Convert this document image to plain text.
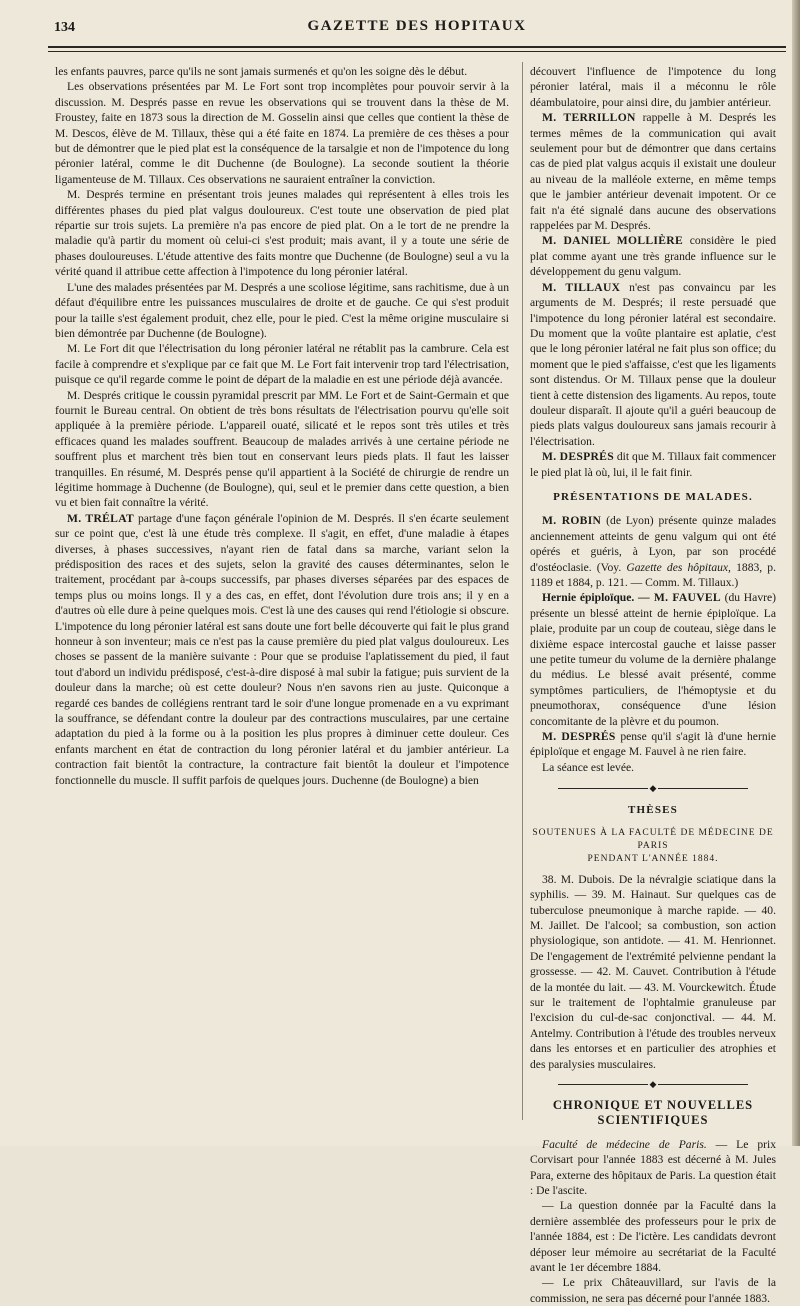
134	GAZETTE DES HOPITAUX

les enfants pauvres, parce qu'ils ne sont jamais surmenés et qu'on les soigne dès le début.

Les observations présentées par M. Le Fort sont trop incomplètes pour pouvoir servir à la discussion. M. Després passe en revue les observations qui se trouvent dans la thèse de M. Froustey, faite en 1873 sous la direction de M. Gosselin ainsi que celles que contient la thèse de M. Descos, élève de M. Tillaux, thèse qui a été faite en 1874. La première de ces thèses a pour but de démontrer que le pied plat est la conséquence de la tarsalgie et non de l'impotence du long péronier latéral, comme le dit Duchenne (de Boulogne). La seconde soutient la théorie ligamenteuse de M. Tillaux. Ces observations ne sauraient entraîner la conviction.

M. Després termine en présentant trois jeunes malades qui représentent à elles trois les différentes phases du pied plat valgus douloureux. C'est toute une observation de pied plat répartie sur trois sujets. La première n'a pas encore de pied plat. On a le tort de ne prendre la maladie qu'à partir du moment où celui-ci s'est produit; mais avant, il y a toute une série de phases douloureuses. L'étude attentive des faits montre que Duchenne (de Boulogne) seul a vu la vérité quand il attribue cette affection à l'impotence du long péronier latéral.

L'une des malades présentées par M. Després a une scoliose légitime, sans rachitisme, due à un défaut d'équilibre entre les puissances musculaires de droite et de gauche. Ce qui s'est produit pour la taille s'est également produit, chez elle, pour le pied. C'est la même origine musculaire si bien démontrée par Duchenne (de Boulogne).

M. Le Fort dit que l'électrisation du long péronier latéral ne rétablit pas la cambrure. Cela est facile à comprendre et s'explique par ce fait que M. Le Fort fait intervenir trop tard l'électrisation, puisque ce qu'il regarde comme le point de départ de la maladie en est une période déjà avancée.

M. Després critique le coussin pyramidal prescrit par MM. Le Fort et de Saint-Germain et que fournit le Bureau central. On obtient de très bons résultats de l'électrisation pourvu qu'elle soit appliquée à la première période. L'appareil ouaté, silicaté et le repos sont très utiles et très efficaces quand les malades souffrent. Beaucoup de malades arrivés à une certaine période ne souffrent plus et marchent très bien tout en conservant leurs pieds plats. Il faut les laisser tranquilles. En résumé, M. Després pense qu'il appartient à la Société de chirurgie de rendre un légitime hommage à Duchenne (de Boulogne), qui, seul et le premier dans cette question, a bien vu et bien fait connaître la vérité.

M. TRÉLAT partage d'une façon générale l'opinion de M. Després. Il s'en écarte seulement sur ce point que, c'est là une étude très complexe. Il s'agit, en effet, d'une maladie à étapes diverses, à phases successives, n'ayant rien de fatal dans sa marche, variant selon la prédisposition des races et des sujets, selon la gravité des causes déterminantes, selon le traitement, procédant par à-coups successifs, par phases diverses séparées par des espaces de temps plus ou moins longs. Il y a des cas, en effet, dont l'évolution dure trois ans; il y en a d'autres où elle dure à peine quelques mois. C'est là une des causes qui rend l'étiologie si obscure. L'impotence du long péronier latéral est sans doute une fort belle découverte qui fait le plus grand honneur à son inventeur; mais ce n'est pas la cause première du pied plat valgus douloureux. Les choses se passent de la manière suivante : Pour que se produise l'aplatissement du pied, il faut tout d'abord un individu prédisposé, c'est-à-dire disposé à mal subir la fatigue; puis survient de la douleur dans la marche; où est cette douleur? Nous n'en savons rien au juste. Quiconque a regardé ces bandes de collégiens rentrant tard le soir d'une longue promenade en a vu exprimant la souffrance, se défendant contre la douleur par des contractions musculaires, par une certaine adaptation du pied à la forme ou à la position les plus propres à diminuer cette douleur. Ces enfants marchent en état de contraction du long péronier latéral et du jambier antérieur. La contraction fait bientôt la contracture, la contracture fait bientôt la douleur et l'impotence fonctionnelle du muscle. Il suffit parfois de quelques jours. Duchenne (de Boulogne) a bien

découvert l'influence de l'impotence du long péronier latéral, mais il a méconnu le rôle déambulatoire, pour ainsi dire, du jambier antérieur.

M. TERRILLON rappelle à M. Després les termes mêmes de la communication qui avait seulement pour but de démontrer que dans certains cas de pied plat valgus acquis il existait une douleur au niveau de la malléole externe, en même temps que le jambier antérieur devenait impotent. Or ce fait n'a été signalé dans aucune des observations rappelées par M. Després.

M. DANIEL MOLLIÈRE considère le pied plat comme ayant une très grande influence sur le développement du genu valgum.

M. TILLAUX n'est pas convaincu par les arguments de M. Després; il reste persuadé que l'impotence du long péronier latéral est secondaire. Du moment que la voûte plantaire est aplatie, c'est que le long péronier latéral ne fait plus son office; du moment que le pied s'affaisse, c'est que les ligaments sont distendus. Or M. Tillaux pense que la douleur tient à cette distension des ligaments. Au repos, toute douleur disparaît. Il ajoute qu'il a guéri beaucoup de pieds plats valgus douloureux sans jamais recourir à l'électrisation.

M. DESPRÉS dit que M. Tillaux fait commencer le pied plat là où, lui, il le fait finir.

PRÉSENTATIONS DE MALADES.

M. ROBIN (de Lyon) présente quinze malades anciennement atteints de genu valgum qui ont été opérés et guéris, à Lyon, par son procédé d'ostéoclasie. (Voy. Gazette des hôpitaux, 1883, p. 1189 et 1884, p. 121. — Comm. M. Tillaux.)

Hernie épiploïque. — M. FAUVEL (du Havre) présente un blessé atteint de hernie épiploïque. La plaie, produite par un coup de couteau, siège dans le dixième espace intercostal gauche et laisse passer une petite tumeur du volume de la dernière phalange du médius. Le blessé avait présenté, comme symptômes particuliers, de l'hémoptysie et du pneumothorax, conséquence d'une lésion concomitante de la plèvre et du poumon.

M. DESPRÉS pense qu'il s'agit là d'une hernie épiploïque et engage M. Fauvel à ne rien faire.

La séance est levée.

◆
THÈSES
SOUTENUES À LA FACULTÉ DE MÉDECINE DE PARIS
PENDANT L'ANNÉE 1884.

38. M. Dubois. De la névralgie sciatique dans la syphilis. — 39. M. Hainaut. Sur quelques cas de tuberculose pneumonique à marche rapide. — 40. M. Jaillet. De l'alcool; sa combustion, son action physiologique, son antidote. — 41. M. Henrionnet. De l'engagement de l'extrémité pelvienne pendant la grossesse. — 42. M. Cauvet. Contribution à l'étude de la montée du lait. — 43. M. Vourckewitch. Étude sur le traitement de l'ophtalmie granuleuse par l'excision du cul-de-sac conjonctival. — 44. M. Antelmy. Contribution à l'étude des troubles nerveux dans les entorses et en particulier des atrophies et des paralysies musculaires.

◆
CHRONIQUE ET NOUVELLES SCIENTIFIQUES

Faculté de médecine de Paris. — Le prix Corvisart pour l'année 1883 est décerné à M. Jules Para, externe des hôpitaux de Paris. La question était : De l'ascite.

— La question donnée par la Faculté dans la dernière assemblée des professeurs pour le prix de l'année 1884, est : De l'ictère. Les candidats devront déposer leur mémoire au secrétariat de la Faculté avant le 1er décembre 1884.

— Le prix Châteauvillard, sur l'avis de la commission, ne sera pas décerné pour l'année 1883.
